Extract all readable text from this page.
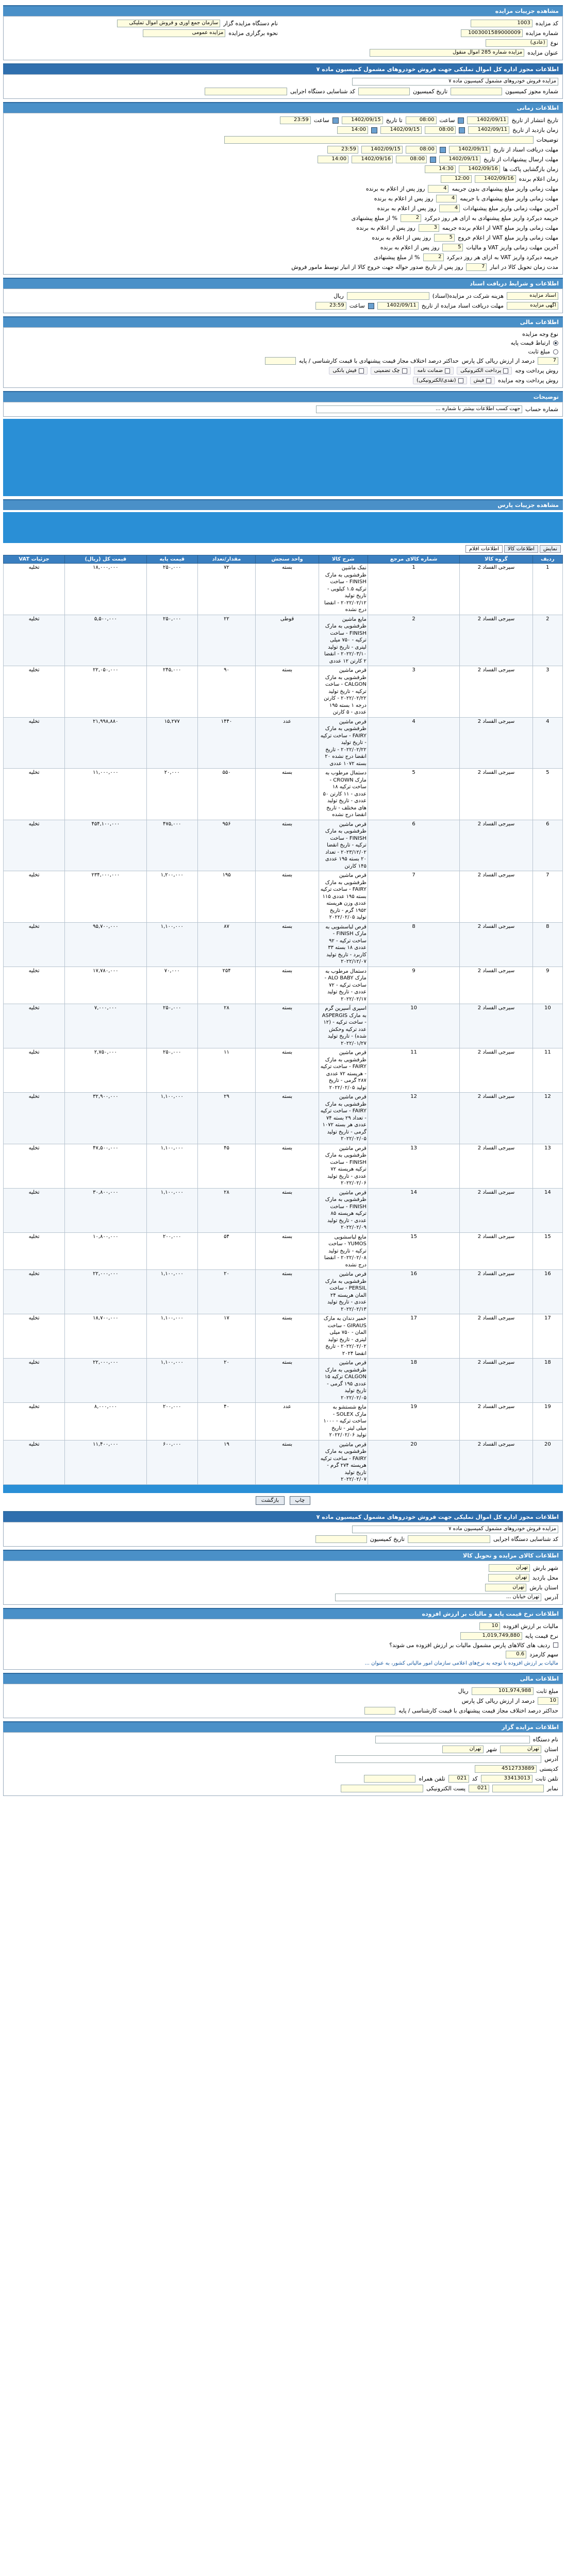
مشاهده جزییات مزایده
کد مزایده
1003
شماره مزایده
1003001589000009
نوع
(عادی)
عنوان مزایده
مزایده شماره 285 اموال منقول
نام دستگاه مزایده گزار
سازمان جمع آوری و فروش اموال تملیکی
نحوه برگزاری مزایده
مزایده عمومی
اطلاعات مجوز اداره کل اموال تملیکی جهت فروش خودروهای مشمول کمیسیون ماده ۷
مزایده فروش خودروهای مشمول کمیسیون ماده ۷
شماره مجوز کمیسیون
تاریخ کمیسیون
کد شناسایی دستگاه اجرایی
اطلاعات زمانی
تاریخ انتشار از تاریخ
1402/09/11
ساعت
08:00
تا تاریخ
1402/09/15
ساعت
23:59
زمان بازدید از تاریخ
1402/09/11
08:00
1402/09/15
14:00
توضیحات
مهلت دریافت اسناد از تاریخ
1402/09/11
08:00
1402/09/15
23:59
مهلت ارسال پیشنهادات از تاریخ
1402/09/11
08:00
1402/09/16
14:00
زمان بازگشایی پاکت ها
1402/09/16
14:30
زمان اعلام برنده
1402/09/16
12:00
مهلت زمانی واریز مبلغ پیشنهادی بدون جریمه
4
روز پس از اعلام به برنده
مهلت زمانی واریز مبلغ پیشنهادی با جریمه
4
روز پس از اعلام به برنده
آخرین مهلت زمانی واریز مبلغ پیشنهادات
4
روز پس از اعلام به برنده
جریمه دیرکرد واریز مبلغ پیشنهادی به ازای هر روز دیرکرد
2
% از مبلغ پیشنهادی
مهلت زمانی واریز مبلغ VAT از اعلام برنده جریمه
3
روز پس از اعلام به برنده
مهلت زمانی واریز مبلغ VAT از اعلام خروج
5
روز پس از اعلام به برنده
آخرین مهلت زمانی واریز VAT و مالیات
5
روز پس از اعلام به برنده
جریمه دیرکرد واریز VAT به ازای هر روز دیرکرد
2
% از مبلغ پیشنهادی
مدت زمان تحویل کالا در انبار
7
روز پس از تاریخ صدور حواله جهت خروج کالا از انبار توسط مامور فروش
اطلاعات و شرایط دریافت اسناد
اسناد مزایده
هزینه شرکت در مزایده(اسناد)
ریال
آگهی مزایده
مهلت دریافت اسناد مزایده از تاریخ
1402/09/11
ساعت
23:59
اطلاعات مالی
نوع وجه مزایده
ارتباط قیمت پایه
مبلغ ثابت
7
درصد از ارزش ریالی کل پارس
حداکثر درصد اختلاف مجاز قیمت پیشنهادی با قیمت کارشناسی / پایه
روش پرداخت وجه
پرداخت الکترونیکی
ضمانت نامه
چک تضمینی
فیش بانکی
روش پرداخت وجه مزایده
فیش
(نقدی/الکترونیکی)
توضیحات
شماره حساب
جهت کسب اطلاعات بیشتر با شماره ...
مشاهده جزییات پارس
نمایش
اطلاعات کالا
اطلاعات اقلام
ردیف	گروه کالا	شماره کالای مرجع	شرح کالا	واحد سنجش	مقدار/تعداد	قیمت پایه	قیمت کل (ریال)	جزئیات VAT
1	سیرجی الفساد 2	1	نمک ماشین ظرفشویی به مارک FINISH - ساخت ترکیه ۱.۵ کیلویی - تاریخ تولید ۲۰۲۲/۰۲/۱۲ - انقضا درج نشده	بسته	۷۲	۲۵۰,۰۰۰	۱۸,۰۰۰,۰۰۰	تخلیه
2	سیرجی الفساد 2	2	مایع ماشین ظرفشویی به مارک FINISH - ساخت ترکیه - ۷۵۰ میلی لیتری - تاریخ تولید ۲۰۲۲/۰۳/۱۰ - انقضا ۲ کارتن ۱۲ عددی	قوطی	۲۲	۲۵۰,۰۰۰	۵,۵۰۰,۰۰۰	تخلیه
3	سیرجی الفساد 2	3	قرص ماشین ظرفشویی به مارک CALGON - ساخت ترکیه - تاریخ تولید ۲۰۲۲/۰۲/۲۲ - کارتن درجه ۱ بسته ۱۹۵ عددی - ۵ کارتن	بسته	۹۰	۲۴۵,۰۰۰	۲۲,۰۵۰,۰۰۰	تخلیه
4	سیرجی الفساد 2	4	قرص ماشین ظرفشویی به مارک FAIRY - ساخت ترکیه - تاریخ تولید ۲۰۲۲/۰۲/۲۲ - تاریخ انقضا درج نشده ۲۰ بسته ۱۰۷۲ عددی	عدد	۱۴۴۰	۱۵,۲۷۷	۲۱,۹۹۸,۸۸۰	تخلیه
5	سیرجی الفساد 2	5	دستمال مرطوب به مارک CROWN - ساخت ترکیه ۱۸ عددی - ۱۱ کارتن ۵۰ عددی - تاریخ تولید های مختلف - تاریخ انقضا درج نشده	بسته	۵۵۰	۲۰,۰۰۰	۱۱,۰۰۰,۰۰۰	تخلیه
6	سیرجی الفساد 2	6	قرص ماشین ظرفشویی به مارک FINISH - ساخت ترکیه - تاریخ انقضا ۲۰۲۳/۱۲/۰۲ - تعداد ۲۰ بسته ۱۹۵ عددی ۱۴۵ کارتن	بسته	۹۵۶	۴۷۵,۰۰۰	۴۵۴,۱۰۰,۰۰۰	تخلیه
7	سیرجی الفساد 2	7	قرص ماشین ظرفشویی به مارک FAIRY - ساخت ترکیه بسته ۱۹۵ عددی ۱۱۵ عددی وزن هرپسته ۱۹۵۲ گرم - تاریخ تولید ۲۰۲۲/۰۲/۰۵	بسته	۱۹۵	۱,۲۰۰,۰۰۰	۲۳۴,۰۰۰,۰۰۰	تخلیه
8	سیرجی الفساد 2	8	قرص لباسشویی به مارک FINISH - ساخت ترکیه - ۹۲ عددی ۱۸ بسته ۳۳ کاربرد - تاریخ تولید ۲۰۲۲/۱۲/۰۷	بسته	۸۷	۱,۱۰۰,۰۰۰	۹۵,۷۰۰,۰۰۰	تخلیه
9	سیرجی الفساد 2	9	دستمال مرطوب به مارک ALO BABY - ساخت ترکیه - ۷۲ عددی - تاریخ تولید ۲۰۲۲/۰۲/۱۷	بسته	۲۵۴	۷۰,۰۰۰	۱۷,۷۸۰,۰۰۰	تخلیه
10	سیرجی الفساد 2	10	اسپری آسپرین گرم به مارک ASPERGIS - ساخت ترکیه - (۱۲ عدد ترکیه وحکش شده) - تاریخ تولید ۲۰۲۲/۰۱/۲۷	بسته	۲۸	۲۵۰,۰۰۰	۷,۰۰۰,۰۰۰	تخلیه
11	سیرجی الفساد 2	11	قرص ماشین ظرفشویی به مارک FAIRY - ساخت ترکیه - هرپسته ۷۲ عددی ۲۸۷ گرمی - تاریخ تولید ۲۰۲۲/۰۲/۰۵	بسته	۱۱	۲۵۰,۰۰۰	۲,۷۵۰,۰۰۰	تخلیه
12	سیرجی الفساد 2	12	قرص ماشین ظرفشویی به مارک FAIRY - ساخت ترکیه - تعداد ۲۹ بسته ۷۴ عددی هر بسته ۱۰۷۲ گرمی - تاریخ تولید ۲۰۲۲/۰۲/۰۵	بسته	۲۹	۱,۱۰۰,۰۰۰	۳۲,۹۰۰,۰۰۰	تخلیه
13	سیرجی الفساد 2	13	قرص ماشین ظرفشویی به مارک FINISH - ساخت ترکیه هرپسته ۷۲ عددی - تاریخ تولید ۲۰۲۲/۰۲/۰۶	بسته	۴۵	۱,۱۰۰,۰۰۰	۴۷,۵۰۰,۰۰۰	تخلیه
14	سیرجی الفساد 2	14	قرص ماشین ظرفشویی به مارک FINISH - ساخت ترکیه هرپسته ۸۵ عددی - تاریخ تولید ۲۰۲۲/۰۲/۰۹	بسته	۲۸	۱,۱۰۰,۰۰۰	۳۰,۸۰۰,۰۰۰	تخلیه
15	سیرجی الفساد 2	15	مایع لباسشویی YUMOS - ساخت ترکیه - تاریخ تولید ۲۰۲۲/۰۲/۰۸ - انقضا درج نشده	بسته	۵۴	۲۰۰,۰۰۰	۱۰,۸۰۰,۰۰۰	تخلیه
16	سیرجی الفساد 2	16	قرص ماشین ظرفشویی به مارک PERSIL - ساخت المان هرپسته ۲۴ عددی - تاریخ تولید ۲۰۲۲/۰۲/۱۳	بسته	۲۰	۱,۱۰۰,۰۰۰	۲۲,۰۰۰,۰۰۰	تخلیه
17	سیرجی الفساد 2	17	خمیر دندان به مارک GIRAUS - ساخت المان - ۷۵۰ میلی لیتری - تاریخ تولید ۲۰۲۲/۰۲/۰۲ - تاریخ انقضا ۲۰۲۴	بسته	۱۷	۱,۱۰۰,۰۰۰	۱۸,۷۰۰,۰۰۰	تخلیه
18	سیرجی الفساد 2	18	قرص ماشین ظرفشویی به مارک CALGON ترکیه ۱۵ عددی ۱۹۵ گرمی - تاریخ تولید ۲۰۲۲/۰۲/۰۵	بسته	۲۰	۱,۱۰۰,۰۰۰	۲۲,۰۰۰,۰۰۰	تخلیه
19	سیرجی الفساد 2	19	مایع شستشو به مارک SOLEX - ساخت ترکیه - ۱۰۰۰ میلی لیتر - تاریخ تولید ۲۰۲۲/۰۲/۰۶	عدد	۴۰	۲۰۰,۰۰۰	۸,۰۰۰,۰۰۰	تخلیه
20	سیرجی الفساد 2	20	قرص ماشین ظرفشویی به مارک FAIRY - ساخت ترکیه هرپسته ۲۷۴ گرم - تاریخ تولید ۲۰۲۲/۰۲/۰۷	بسته	۱۹	۶۰۰,۰۰۰	۱۱,۴۰۰,۰۰۰	تخلیه
چاپ بازگشت
اطلاعات مجوز اداره کل اموال تملیکی جهت فروش خودروهای مشمول کمیسیون ماده ۷
مزایده فروش خودروهای مشمول کمیسیون ماده ۷
کد شناسایی دستگاه اجرایی
تاریخ کمیسیون
اطلاعات کالای مزایده و تحویل کالا
شهر بارش
تهران
محل بازدید
تهران
استان بارش
تهران
آدرس
تهران خیابان ...
اطلاعات نرخ قیمت پایه و مالیات بر ارزش افزوده
مالیات بر ارزش افزوده
10
نرخ قیمت پایه
1,019,749,880
ردیف های کالاهای پارس مشمول مالیات بر ارزش افزوده می شوند؟
سهم کارمزد
0.6
مالیات بر ارزش افزوده با توجه به نرخ‌های اعلامی سازمان امور مالیاتی کشور، به عنوان ...
اطلاعات مالی
مبلغ ثابت
101,974,988
ریال
10
درصد از ارزش ریالی کل پارس
حداکثر درصد اختلاف مجاز قیمت پیشنهادی با قیمت کارشناسی / پایه
اطلاعات مزایده گزار
نام دستگاه
استان
تهران
شهر
تهران
آدرس
کدپستی
4512733889
تلفن ثابت
33413013
کد
021
تلفن همراه
نمابر
021
پست الکترونیکی
